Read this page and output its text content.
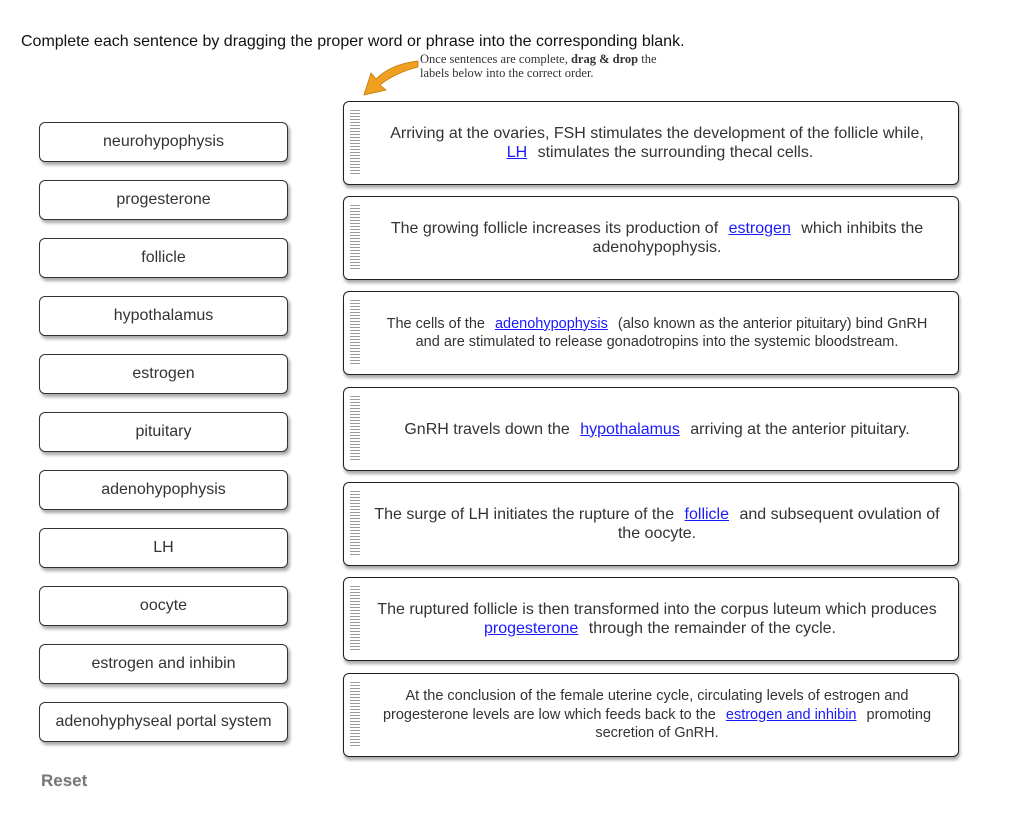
Complete each sentence by dragging the proper word or phrase into the corresponding blank.
Once sentences are complete, drag & drop the
labels below into the correct order.
neurohypophysis
progesterone
follicle
hypothalamus
estrogen
pituitary
adenohypophysis
LH
oocyte
estrogen and inhibin
adenohyphyseal portal system
Arriving at the ovaries, FSH stimulates the development of the follicle while, LH stimulates the surrounding thecal cells.
The growing follicle increases its production of estrogen which inhibits the adenohypophysis.
The cells of the adenohypophysis (also known as the anterior pituitary) bind GnRH and are stimulated to release gonadotropins into the systemic bloodstream.
GnRH travels down the hypothalamus arriving at the anterior pituitary.
The surge of LH initiates the rupture of the follicle and subsequent ovulation of the oocyte.
The ruptured follicle is then transformed into the corpus luteum which produces progesterone through the remainder of the cycle.
At the conclusion of the female uterine cycle, circulating levels of estrogen and progesterone levels are low which feeds back to the estrogen and inhibin promoting secretion of GnRH.
Reset
